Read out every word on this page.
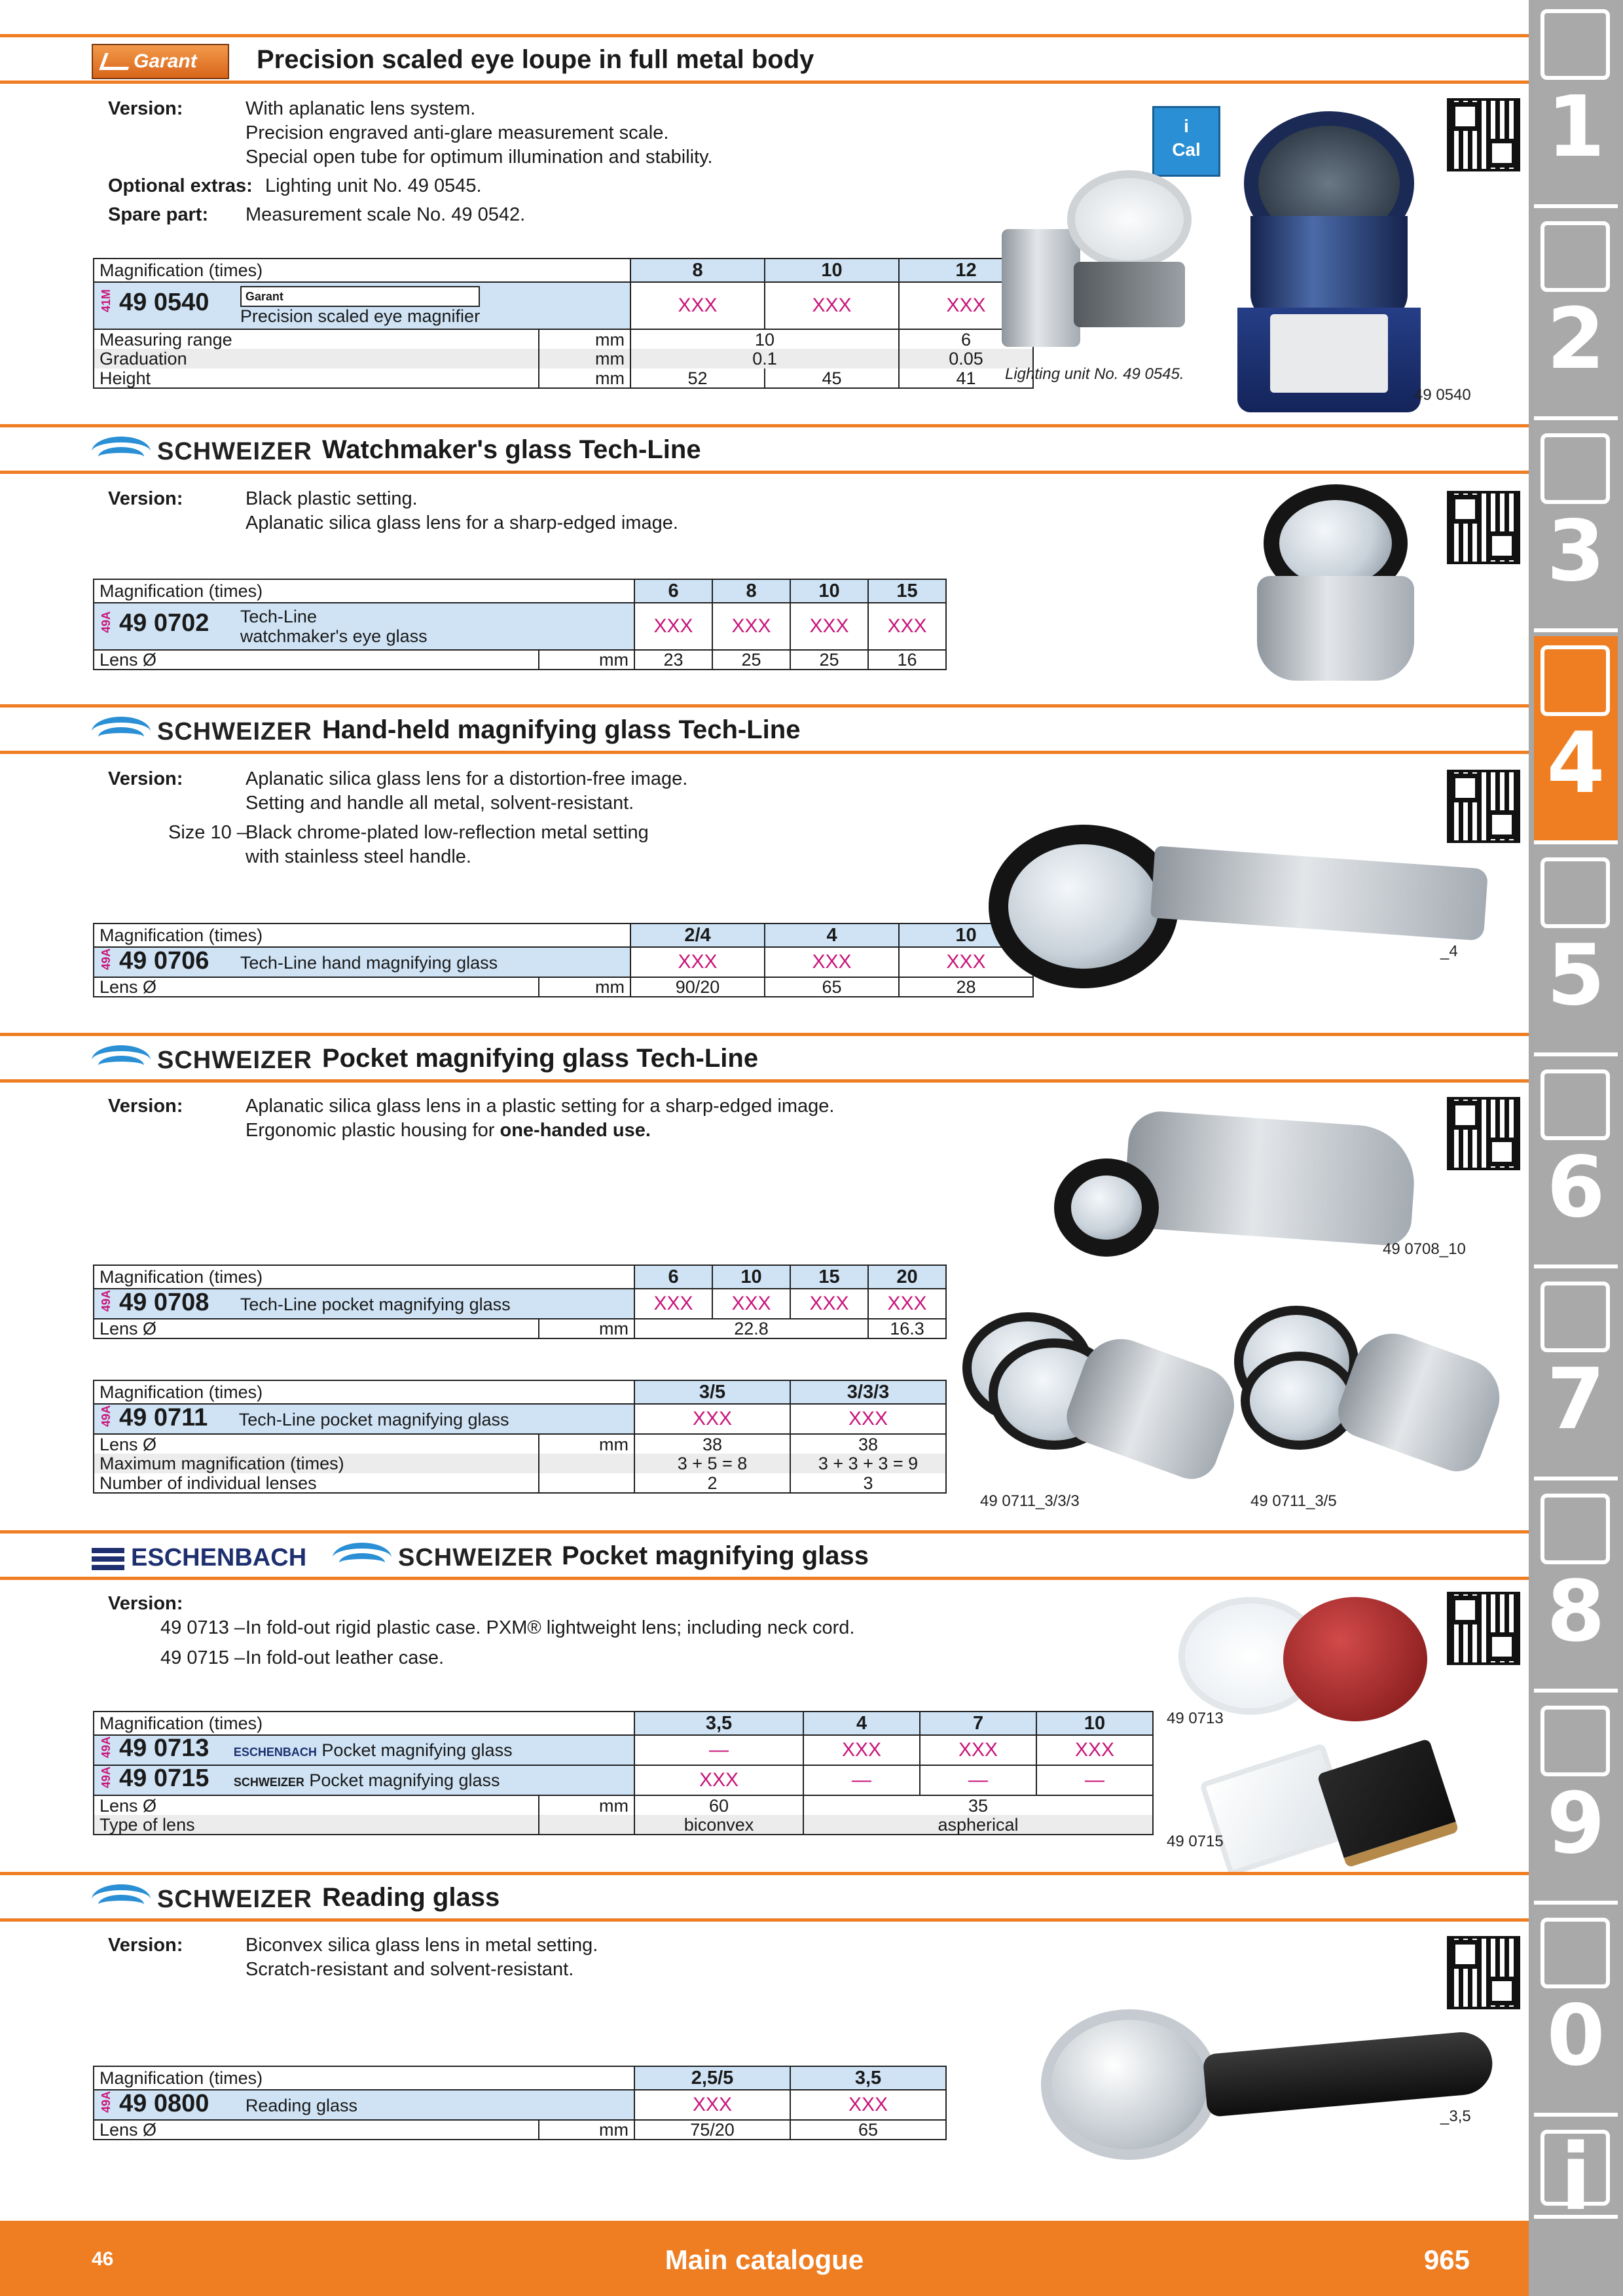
1
2
3
4
5
6
7
8
9
0
i
Garant	Precision scaled eye loupe in full metal body
Version:	With aplanatic lens system.
Precision engraved anti-glare measurement scale.
Special open tube for optimum illumination and stability.
Optional extras: Lighting unit No. 49 0545.
Spare part: Measurement scale No. 49 0542.
Magnification (times)		8	10	12
41M 49 0540 Garant
Precision scaled eye magnifier		XXX	XXX	XXX
Measuring range	mm	10		6
Graduation	mm	0.1		0.05
Height	mm	52	45	41
i
Cal
Lighting unit No. 49 0545.
49 0540
SCHWEIZER Watchmaker's glass Tech-Line
Version:	Black plastic setting.
Aplanatic silica glass lens for a sharp-edged image.
Magnification (times)		6	8	10	15
49A 49 0702 Tech-Line
watchmaker's eye glass		XXX	XXX	XXX	XXX
Lens Ø	mm	23	25	25	16
SCHWEIZER Hand-held magnifying glass Tech-Line
Version:	Aplanatic silica glass lens for a distortion-free image.
Setting and handle all metal, solvent-resistant.
Size 10 –
Black chrome-plated low-reflection metal setting
with stainless steel handle.
Magnification (times)		2/4	4	10
49A 49 0706 Tech-Line hand magnifying glass		XXX	XXX	XXX
Lens Ø	mm	90/20	65	28
_4
SCHWEIZER Pocket magnifying glass Tech-Line
Version:	Aplanatic silica glass lens in a plastic setting for a sharp-edged image.
Ergonomic plastic housing for one-handed use.
Magnification (times)		6	10	15	20
49A 49 0708 Tech-Line pocket magnifying glass		XXX	XXX	XXX	XXX
Lens Ø	mm	22.8			16.3
Magnification (times)		3/5	3/3/3
49A 49 0711 Tech-Line pocket magnifying glass		XXX	XXX
Lens Ø	mm	38	38
Maximum magnification (times)		3 + 5 = 8	3 + 3 + 3 = 9
Number of individual lenses		2	3
49 0708_10
49 0711_3/3/3	49 0711_3/5
ESCHENBACH	SCHWEIZER Pocket magnifying glass
Version:
49 0713 – In fold-out rigid plastic case. PXM® lightweight lens; including neck cord.
49 0715 – In fold-out leather case.
Magnification (times)		3,5	4	7	10
49A 49 0713 ESCHENBACH Pocket magnifying glass		—	XXX	XXX	XXX
49A 49 0715 SCHWEIZER Pocket magnifying glass		XXX	—	—	—
Lens Ø	mm	60	35		
Type of lens		biconvex	aspherical		
49 0713
49 0715
SCHWEIZER Reading glass
Version:	Biconvex silica glass lens in metal setting.
Scratch-resistant and solvent-resistant.
Magnification (times)		2,5/5	3,5
49A 49 0800 Reading glass		XXX	XXX
Lens Ø	mm	75/20	65
_3,5
46	Main catalogue	965
